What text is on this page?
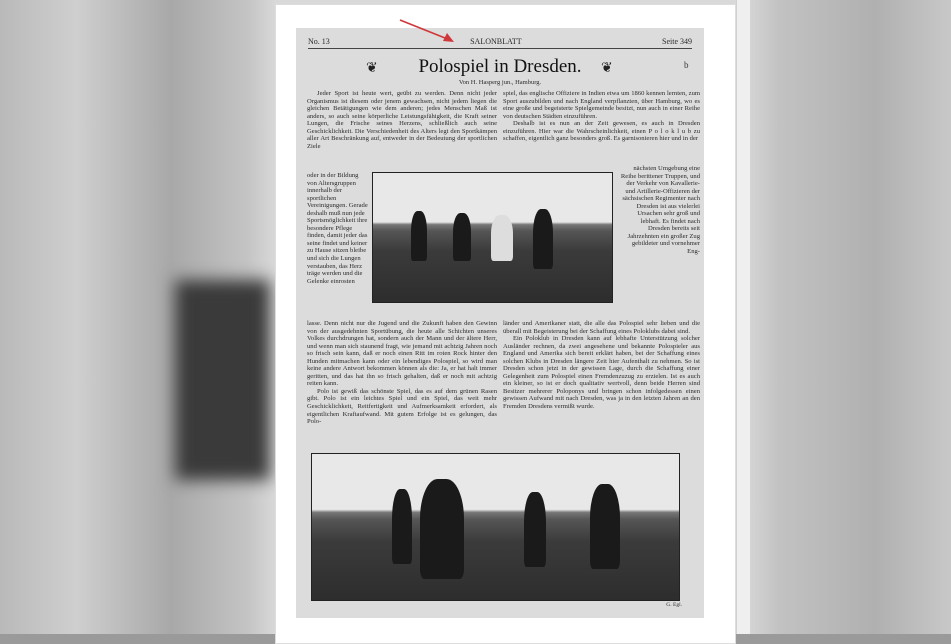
No. 13	SALONBLATT	Seite 349
❦	❦
Polospiel in Dresden.
Von H. Hasperg jun., Hamburg.

Jeder Sport ist heute wert, geübt zu werden. Denn nicht jeder Organismus ist diesem oder jenem gewachsen, nicht jedem liegen die gleichen Betätigungen wie dem anderen; jedes Menschen Maß ist anders, so auch seine körperliche Leistungsfähigkeit, die Kraft seiner Lungen, die Frische seines Herzens, schließlich auch seine Geschicklichkeit. Die Verschiedenheit des Alters legt den Sportkämpen aller Art Beschränkung auf, entweder in der Bedeutung der sportlichen Ziele

oder in der Bildung von Altersgruppen innerhalb der sportlichen Vereinigungen. Gerade deshalb muß nun jede Sportsmöglichkeit ihre besondere Pflege finden, damit jeder das seine findet und keiner zu Hause sitzen bleibe und sich die Lungen verstauben, das Herz träge werden und die Gelenke einrosten

lasse. Denn nicht nur die Jugend und die Zukunft haben den Gewinn von der ausgedehnten Sportübung, die heute alle Schichten unseres Volkes durchdrungen hat, sondern auch der Mann und der ältere Herr, und wenn man sich staunend fragt, wie jemand mit achtzig Jahren noch so frisch sein kann, daß er noch einen Ritt im roten Rock hinter den Hunden mitmachen kann oder ein lebendiges Polospiel, so wird man keine andere Antwort bekommen können als die: Ja, er hat halt immer geritten, und das hat ihn so frisch gehalten, daß er noch mit achtzig reiten kann.

Polo ist gewiß das schönste Spiel, das es auf dem grünen Rasen gibt. Polo ist ein leichtes Spiel und ein Spiel, das weit mehr Geschicklichkeit, Reitfertigkeit und Aufmerksamkeit erfordert, als eigentlichen Kraftaufwand. Mit gutem Erfolge ist es gelungen, das Polo-

spiel, das englische Offiziere in Indien etwa um 1860 kennen lernten, zum Sport auszubilden und nach England verpflanzten, über Hamburg, wo es eine große und begeisterte Spielgemeinde besitzt, nun auch in einer Reihe von deutschen Städten einzuführen.

Deshalb ist es nun an der Zeit gewesen, es auch in Dresden einzuführen. Hier war die Wahrscheinlichkeit, einen P o l o k l u b zu schaffen, eigentlich ganz besonders groß. Es garnisonieren hier und in der

nächsten Umgebung eine Reihe berittener Truppen, und der Verkehr von Kavallerie- und Artillerie-Offizieren der sächsischen Regimenter nach Dresden ist aus vielerlei Ursachen sehr groß und lebhaft. Es findet nach Dresden bereits seit Jahrzehnten ein großer Zug gebildeter und vornehmer Eng-

länder und Amerikaner statt, die alle das Polospiel sehr lieben und die überall mit Begeisterung bei der Schaffung eines Poloklubs dabei sind.

Ein Poloklub in Dresden kann auf lebhafte Unterstützung solcher Ausländer rechnen, da zwei angesehene und bekannte Polospieler aus England und Amerika sich bereit erklärt haben, bei der Schaffung eines solchen Klubs in Dresden längere Zeit hier Aufenthalt zu nehmen. So ist Dresden schon jetzt in der gewissen Lage, durch die Schaffung einer Gelegenheit zum Polospiel einen Fremdenzuzug zu erzielen. Ist es auch ein kleiner, so ist er doch qualitativ wertvoll, denn beide Herren sind Besitzer mehrerer Poloponys und bringen schon infolgedessen einen gewissen Aufwand mit nach Dresden, was ja in den letzten Jahren an den Fremden Dresdens vermißt wurde.

G. Egl.
b
